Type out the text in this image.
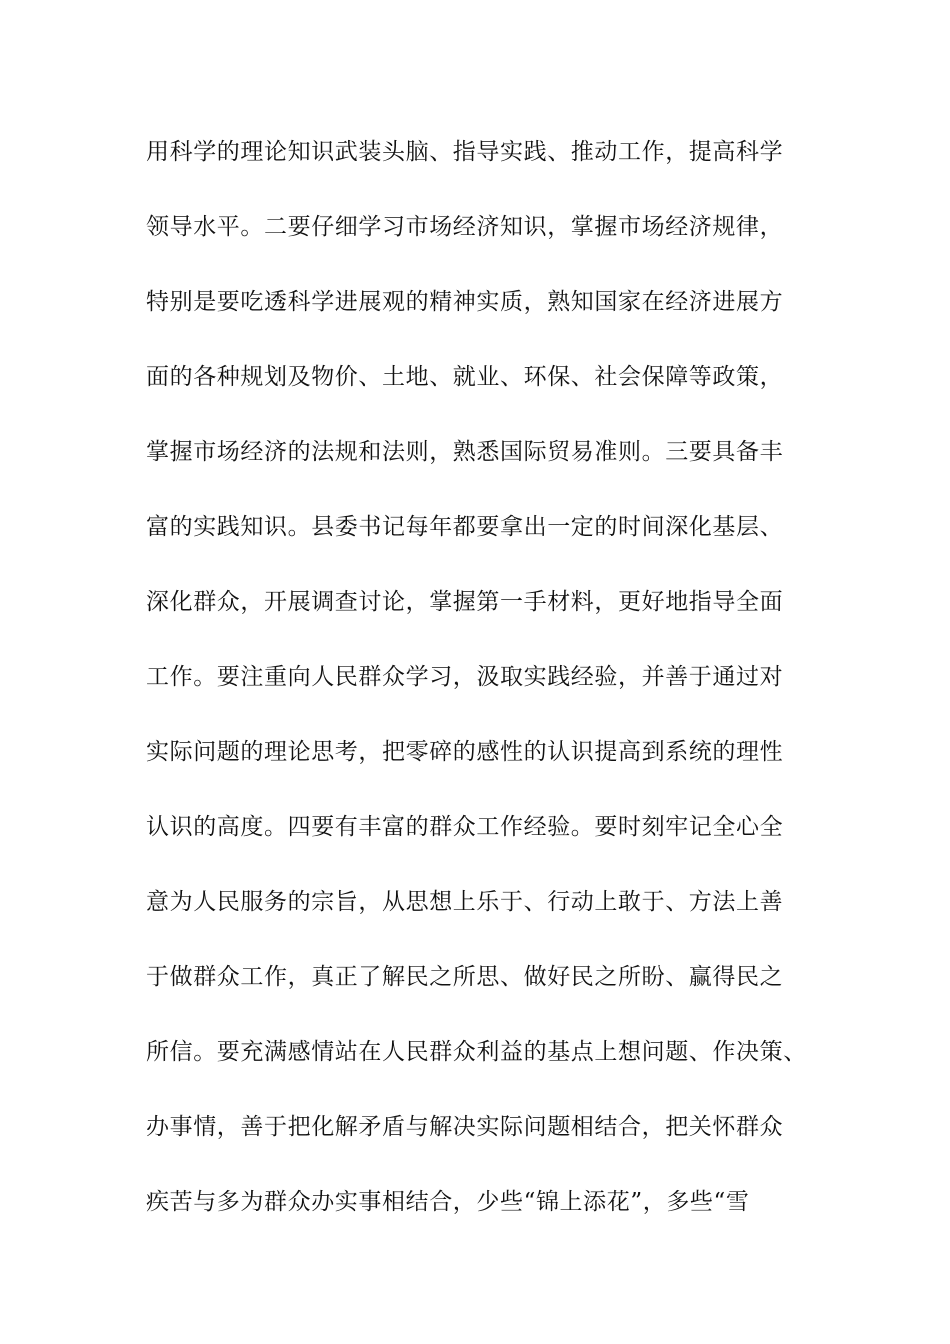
用科学的理论知识武装头脑、指导实践、推动工作，提高科学
领导水平。二要仔细学习市场经济知识，掌握市场经济规律，
特别是要吃透科学进展观的精神实质，熟知国家在经济进展方
面的各种规划及物价、土地、就业、环保、社会保障等政策，
掌握市场经济的法规和法则，熟悉国际贸易准则。三要具备丰
富的实践知识。县委书记每年都要拿出一定的时间深化基层、
深化群众，开展调查讨论，掌握第一手材料，更好地指导全面
工作。要注重向人民群众学习，汲取实践经验，并善于通过对
实际问题的理论思考，把零碎的感性的认识提高到系统的理性
认识的高度。四要有丰富的群众工作经验。要时刻牢记全心全
意为人民服务的宗旨，从思想上乐于、行动上敢于、方法上善
于做群众工作，真正了解民之所思、做好民之所盼、赢得民之
所信。要充满感情站在人民群众利益的基点上想问题、作决策、
办事情，善于把化解矛盾与解决实际问题相结合，把关怀群众
疾苦与多为群众办实事相结合，少些“锦上添花”，多些“雪
